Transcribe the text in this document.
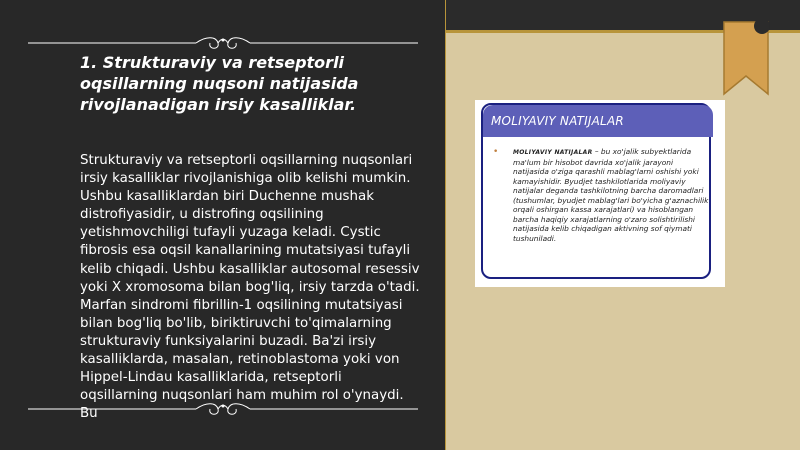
1. Strukturaviy va retseptorli oqsillarning nuqsoni natijasida rivojlanadigan irsiy kasalliklar.

Strukturaviy va retseptorli oqsillarning nuqsonlari irsiy kasalliklar rivojlanishiga olib kelishi mumkin. Ushbu kasalliklardan biri Duchenne mushak distrofiyasidir, u distrofing oqsilining yetishmovchiligi tufayli yuzaga keladi. Cystic fibrosis esa oqsil kanallarining mutatsiyasi tufayli kelib chiqadi. Ushbu kasalliklar autosomal resessiv yoki X xromosoma bilan bog'liq, irsiy tarzda o'tadi. Marfan sindromi fibrillin-1 oqsilining mutatsiyasi bilan bog'liq bo'lib, biriktiruvchi to'qimalarning strukturaviy funksiyalarini buzadi. Ba'zi irsiy kasalliklarda, masalan, retinoblastoma yoki von Hippel-Lindau kasalliklarida, retseptorli oqsillarning nuqsonlari ham muhim rol o'ynaydi. Bu

MOLIYAVIY NATIJALAR
•	MOLIYAVIY NATIJALAR – bu xo'jalik subyektlarida ma'lum bir hisobot davrida xo'jalik jarayoni natijasida o'ziga qarashli mablag'larni oshishi yoki kamayishidir. Byudjet tashkilotlarida moliyaviy natijalar deganda tashkilotning barcha daromadlari (tushumlar, byudjet mablag'lari bo'yicha g'aznachilik orqali oshirgan kassa xarajatlari) va hisoblangan barcha haqiqiy xarajatlarning o'zaro solishtirilishi natijasida kelib chiqadigan aktivning sof qiymati tushuniladi.
